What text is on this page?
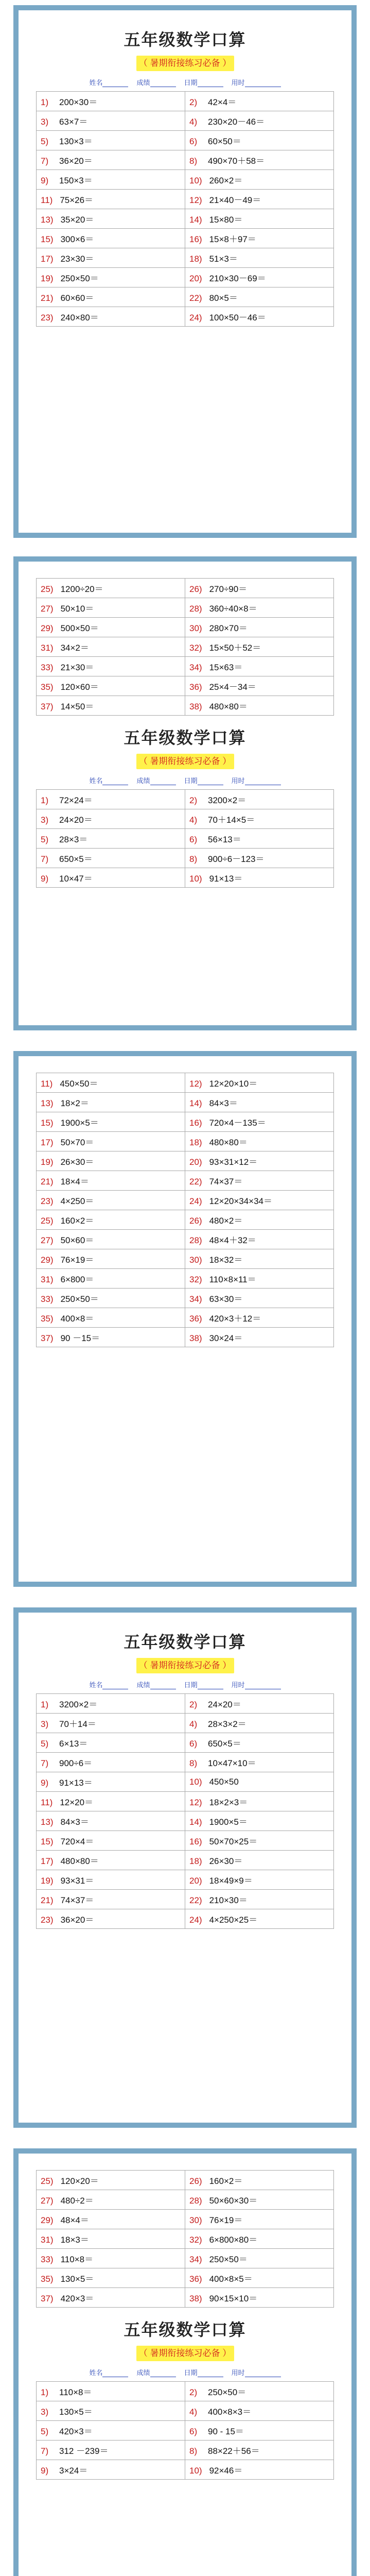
五年级数学口算
（ 暑期衔接练习必备 ）
姓名	成绩	日期	用时
1) 200×30＝	2) 42×4＝
3) 63×7＝	4) 230×20－46＝
5) 130×3＝	6) 60×50＝
7) 36×20＝	8) 490×70＋58＝
9) 150×3＝	10) 260×2＝
11) 75×26＝	12) 21×40－49＝
13) 35×20＝	14) 15×80＝
15) 300×6＝	16) 15×8＋97＝
17) 23×30＝	18) 51×3＝
19) 250×50＝	20) 210×30－69＝
21) 60×60＝	22) 80×5＝
23) 240×80＝	24) 100×50－46＝
25) 1200÷20＝	26) 270÷90＝
27) 50×10＝	28) 360÷40×8＝
29) 500×50＝	30) 280×70＝
31) 34×2＝	32) 15×50＋52＝
33) 21×30＝	34) 15×63＝
35) 120×60＝	36) 25×4－34＝
37) 14×50＝	38) 480×80＝
五年级数学口算
（ 暑期衔接练习必备 ）
姓名	成绩	日期	用时
1) 72×24＝	2) 3200×2＝
3) 24×20＝	4) 70＋14×5＝
5) 28×3＝	6) 56×13＝
7) 650×5＝	8) 900÷6－123＝
9) 10×47＝	10) 91×13＝
11) 450×50＝	12) 12×20×10＝
13) 18×2＝	14) 84×3＝
15) 1900×5＝	16) 720×4－135＝
17) 50×70＝	18) 480×80＝
19) 26×30＝	20) 93×31×12＝
21) 18×4＝	22) 74×37＝
23) 4×250＝	24) 12×20×34×34＝
25) 160×2＝	26) 480×2＝
27) 50×60＝	28) 48×4＋32＝
29) 76×19＝	30) 18×32＝
31) 6×800＝	32) 110×8×11＝
33) 250×50＝	34) 63×30＝
35) 400×8＝	36) 420×3＋12＝
37) 90 －15＝	38) 30×24＝
五年级数学口算
（ 暑期衔接练习必备 ）
姓名	成绩	日期	用时
1) 3200×2＝	2) 24×20＝
3) 70＋14＝	4) 28×3×2＝
5) 6×13＝	6) 650×5＝
7) 900÷6＝	8) 10×47×10＝
9) 91×13＝	10) 450×50
11) 12×20＝	12) 18×2×3＝
13) 84×3＝	14) 1900×5＝
15) 720×4＝	16) 50×70×25＝
17) 480×80＝	18) 26×30＝
19) 93×31＝	20) 18×49×9＝
21) 74×37＝	22) 210×30＝
23) 36×20＝	24) 4×250×25＝
25) 120×20＝	26) 160×2＝
27) 480÷2＝	28) 50×60×30＝
29) 48×4＝	30) 76×19＝
31) 18×3＝	32) 6×800×80＝
33) 110×8＝	34) 250×50＝
35) 130×5＝	36) 400×8×5＝
37) 420×3＝	38) 90×15×10＝
五年级数学口算
（ 暑期衔接练习必备 ）
姓名	成绩	日期	用时
1) 110×8＝	2) 250×50＝
3) 130×5＝	4) 400×8×3＝
5) 420×3＝	6) 90 - 15＝
7) 312 －239＝	8) 88×22＋56＝
9) 3×24＝	10) 92×46＝
